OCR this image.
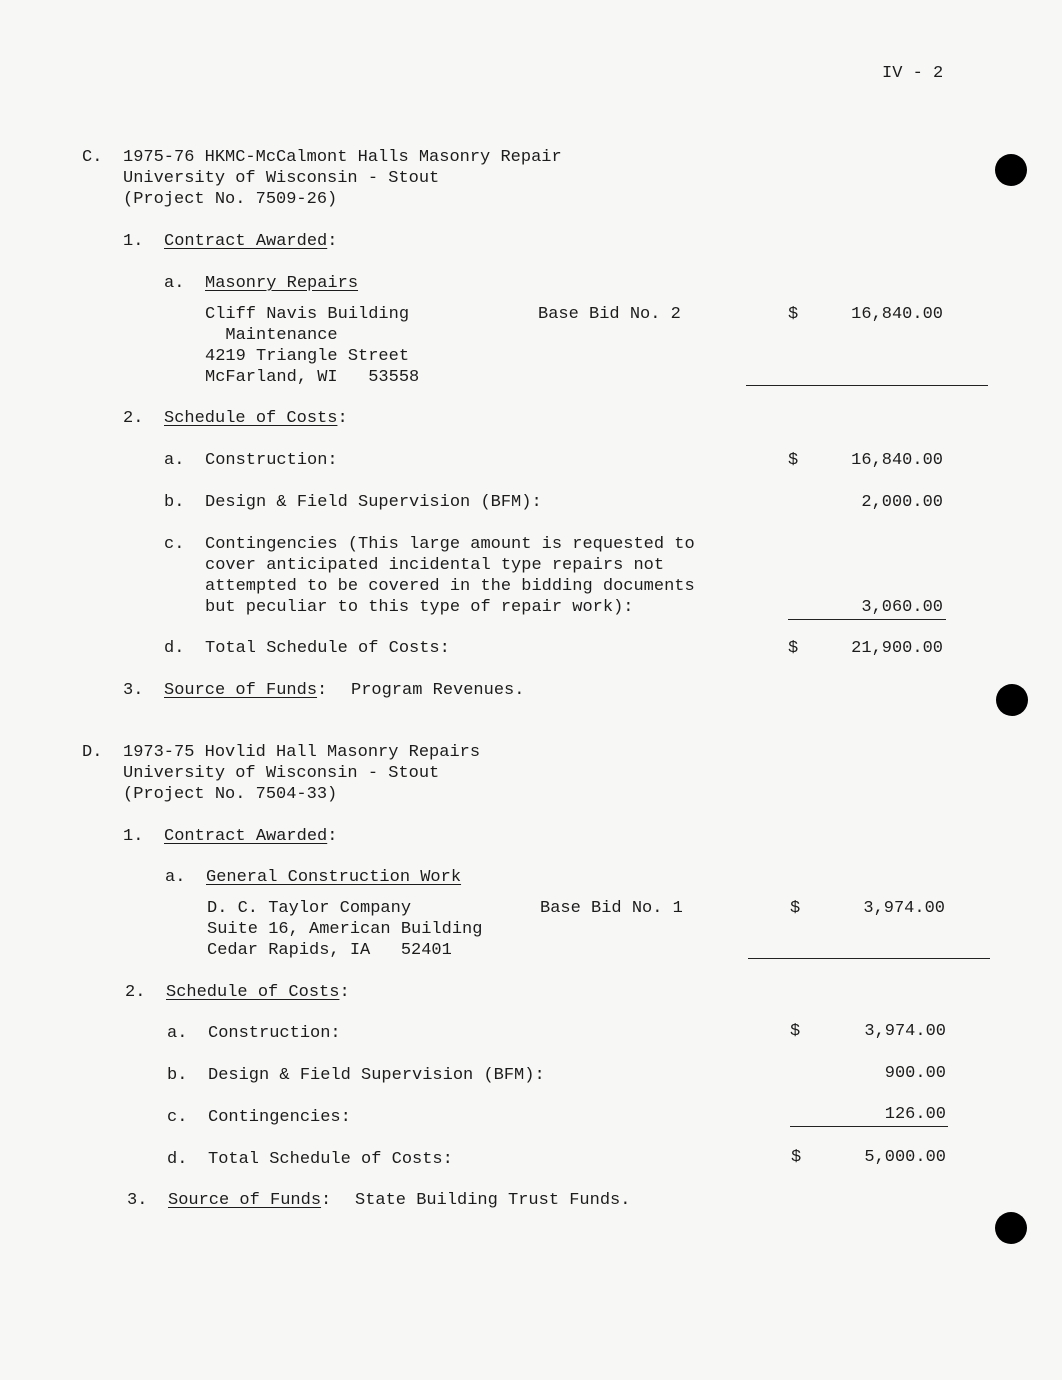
IV - 2
C. 1975-76 HKMC-McCalmont Halls Masonry Repair
University of Wisconsin - Stout
(Project No. 7509-26)
1. Contract Awarded:
a. Masonry Repairs
Cliff Navis Building
Maintenance
4219 Triangle Street
McFarland, WI   53558
Base Bid No. 2	$	16,840.00
2. Schedule of Costs:
a. Construction:	$	16,840.00
b. Design & Field Supervision (BFM):	2,000.00
c. Contingencies (This large amount is requested to
cover anticipated incidental type repairs not
attempted to be covered in the bidding documents
but peculiar to this type of repair work):	3,060.00
d. Total Schedule of Costs:	$	21,900.00
3. Source of Funds: Program Revenues.
D. 1973-75 Hovlid Hall Masonry Repairs
University of Wisconsin - Stout
(Project No. 7504-33)
1. Contract Awarded:
a. General Construction Work
D. C. Taylor Company
Suite 16, American Building
Cedar Rapids, IA   52401
Base Bid No. 1	$	3,974.00
2. Schedule of Costs:
a. Construction:	$	3,974.00
b. Design & Field Supervision (BFM):	900.00
c. Contingencies:	126.00
d. Total Schedule of Costs:	$	5,000.00
3. Source of Funds: State Building Trust Funds.
